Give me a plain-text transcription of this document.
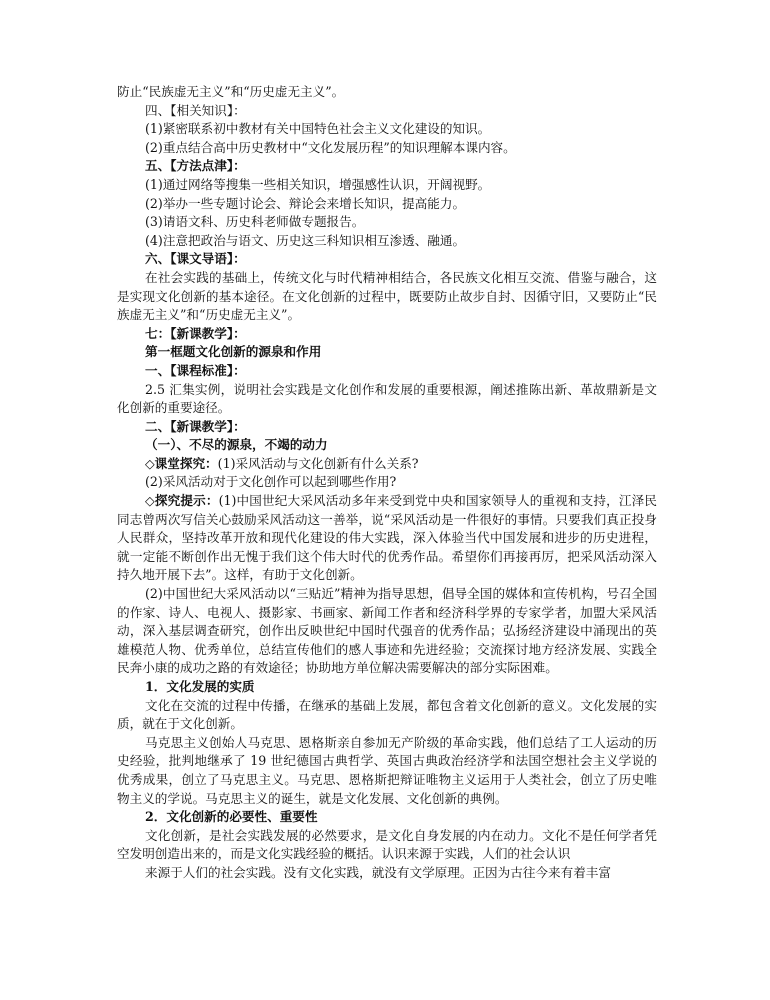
防止“民族虚无主义”和“历史虚无主义”。

四、【相关知识】：

(1)紧密联系初中教材有关中国特色社会主义文化建设的知识。

(2)重点结合高中历史教材中“文化发展历程”的知识理解本课内容。

五、【方法点津】：

(1)通过网络等搜集一些相关知识，增强感性认识，开阔视野。

(2)举办一些专题讨论会、辩论会来增长知识，提高能力。

(3)请语文科、历史科老师做专题报告。

(4)注意把政治与语文、历史这三科知识相互渗透、融通。

六、【课文导语】：

在社会实践的基础上，传统文化与时代精神相结合，各民族文化相互交流、借鉴与融合，这是实现文化创新的基本途径。在文化创新的过程中，既要防止故步自封、因循守旧，又要防止“民族虚无主义”和“历史虚无主义”。

七：【新课教学】：

第一框题文化创新的源泉和作用

一、【课程标准】：

2.5 汇集实例，说明社会实践是文化创作和发展的重要根源，阐述推陈出新、革故鼎新是文化创新的重要途径。

二、【新课教学】：

（一）、不尽的源泉，不竭的动力

◇课堂探究：(1)采风活动与文化创新有什么关系?

(2)采风活动对于文化创作可以起到哪些作用?

◇探究提示：(1)中国世纪大采风活动多年来受到党中央和国家领导人的重视和支持，江泽民同志曾两次写信关心鼓励采风活动这一善举，说“采风活动是一件很好的事情。只要我们真正投身人民群众，坚持改革开放和现代化建设的伟大实践，深入体验当代中国发展和进步的历史进程，就一定能不断创作出无愧于我们这个伟大时代的优秀作品。希望你们再接再厉，把采风活动深入持久地开展下去”。这样，有助于文化创新。

(2)中国世纪大采风活动以“三贴近”精神为指导思想，倡导全国的媒体和宣传机构，号召全国的作家、诗人、电视人、摄影家、书画家、新闻工作者和经济科学界的专家学者，加盟大采风活动，深入基层调查研究，创作出反映世纪中国时代强音的优秀作品；弘扬经济建设中涌现出的英雄模范人物、优秀单位，总结宣传他们的感人事迹和先进经验；交流探讨地方经济发展、实践全民奔小康的成功之路的有效途径；协助地方单位解决需要解决的部分实际困难。

1．文化发展的实质

文化在交流的过程中传播，在继承的基础上发展，都包含着文化创新的意义。文化发展的实质，就在于文化创新。

马克思主义创始人马克思、恩格斯亲自参加无产阶级的革命实践，他们总结了工人运动的历史经验，批判地继承了 19 世纪德国古典哲学、英国古典政治经济学和法国空想社会主义学说的优秀成果，创立了马克思主义。马克思、恩格斯把辩证唯物主义运用于人类社会，创立了历史唯物主义的学说。马克思主义的诞生，就是文化发展、文化创新的典例。

2．文化创新的必要性、重要性

文化创新，是社会实践发展的必然要求，是文化自身发展的内在动力。文化不是任何学者凭空发明创造出来的，而是文化实践经验的概括。认识来源于实践，人们的社会认识

来源于人们的社会实践。没有文化实践，就没有文学原理。正因为古往今来有着丰富
